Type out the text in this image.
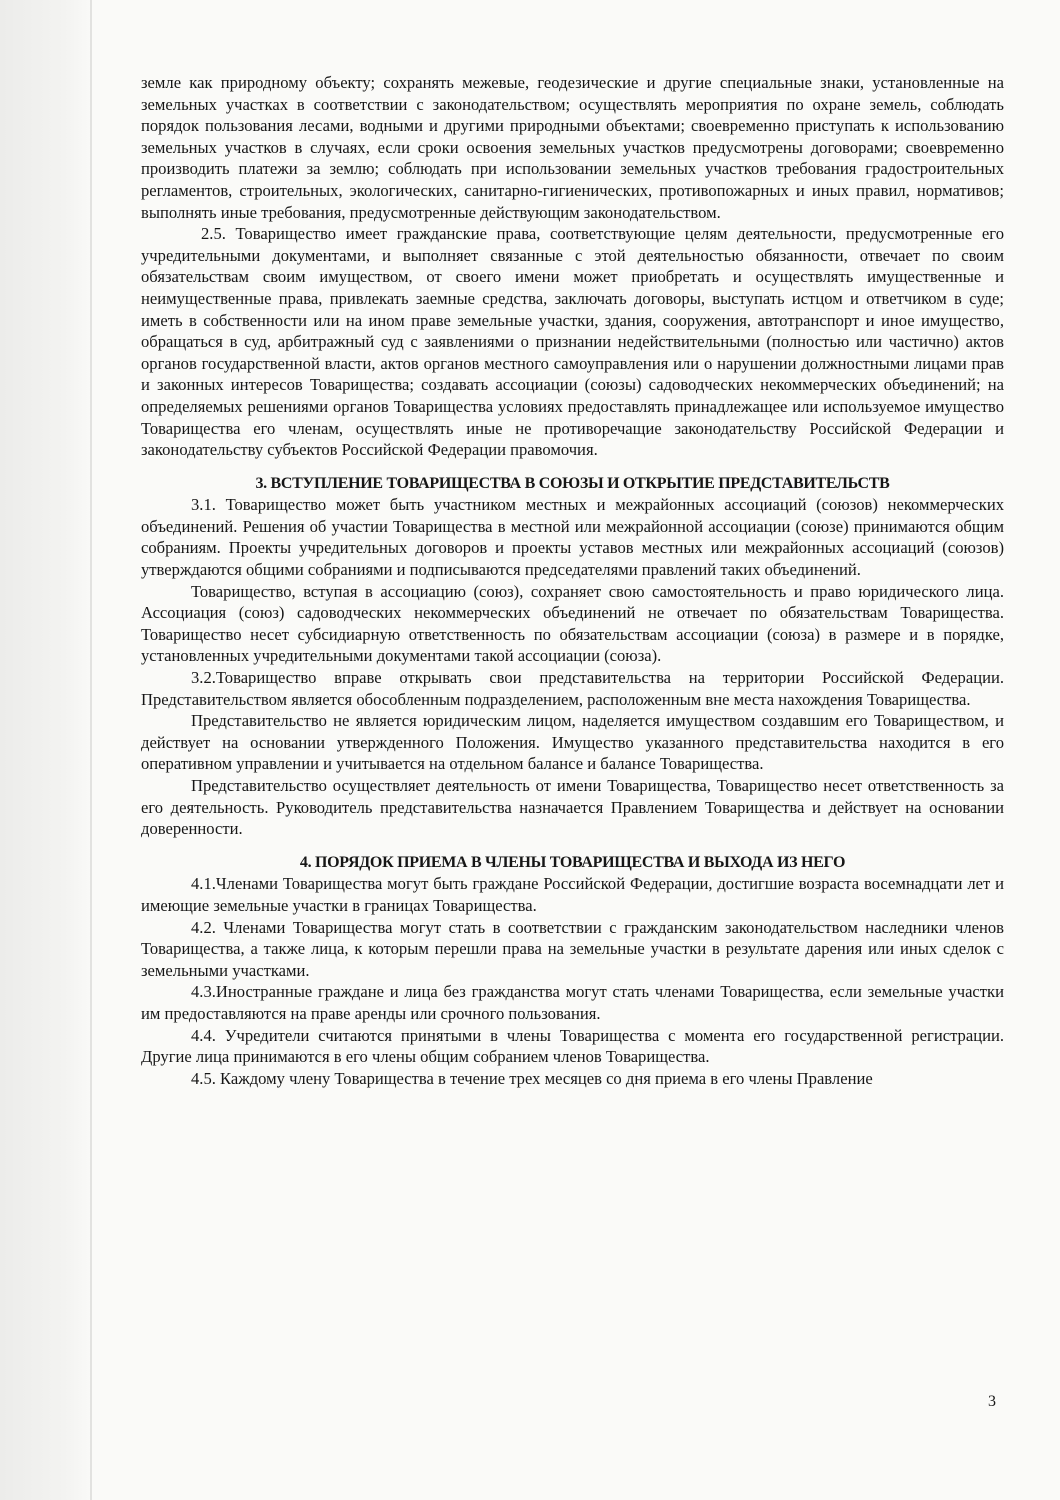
земле как природному объекту; сохранять межевые, геодезические и другие специальные знаки, установленные на земельных участках в соответствии с законодательством; осуществлять мероприятия по охране земель, соблюдать порядок пользования лесами, водными и другими природными объектами; своевременно приступать к использованию земельных участков в случаях, если сроки освоения земельных участков предусмотрены договорами; своевременно производить платежи за землю; соблюдать при использовании земельных участков требования градостроительных регламентов, строительных, экологических, санитарно-гигиенических, противопожарных и иных правил, нормативов; выполнять иные требования, предусмотренные действующим законодательством.

2.5. Товарищество имеет гражданские права, соответствующие целям деятельности, предусмотренные его учредительными документами, и выполняет связанные с этой деятельностью обязанности, отвечает по своим обязательствам своим имуществом, от своего имени может приобретать и осуществлять имущественные и неимущественные права, привлекать заемные средства, заключать договоры, выступать истцом и ответчиком в суде; иметь в собственности или на ином праве земельные участки, здания, сооружения, автотранспорт и иное имущество, обращаться в суд, арбитражный суд с заявлениями о признании недействительными (полностью или частично) актов органов государственной власти, актов органов местного самоуправления или о нарушении должностными лицами прав и законных интересов Товарищества; создавать ассоциации (союзы) садоводческих некоммерческих объединений; на определяемых решениями органов Товарищества условиях предоставлять принадлежащее или используемое имущество Товарищества его членам, осуществлять иные не противоречащие законодательству Российской Федерации и законодательству субъектов Российской Федерации правомочия.

3. ВСТУПЛЕНИЕ ТОВАРИЩЕСТВА В СОЮЗЫ И ОТКРЫТИЕ ПРЕДСТАВИТЕЛЬСТВ

3.1. Товарищество может быть участником местных и межрайонных ассоциаций (союзов) некоммерческих объединений. Решения об участии Товарищества в местной или межрайонной ассоциации (союзе) принимаются общим собраниям. Проекты учредительных договоров и проекты уставов местных или межрайонных ассоциаций (союзов) утверждаются общими собраниями и подписываются председателями правлений таких объединений.

Товарищество, вступая в ассоциацию (союз), сохраняет свою самостоятельность и право юридического лица. Ассоциация (союз) садоводческих некоммерческих объединений не отвечает по обязательствам Товарищества. Товарищество несет субсидиарную ответственность по обязательствам ассоциации (союза) в размере и в порядке, установленных учредительными документами такой ассоциации (союза).

3.2.Товарищество вправе открывать свои представительства на территории Российской Федерации. Представительством является обособленным подразделением, расположенным вне места нахождения Товарищества.

Представительство не является юридическим лицом, наделяется имуществом создавшим его Товариществом, и действует на основании утвержденного Положения. Имущество указанного представительства находится в его оперативном управлении и учитывается на отдельном балансе и балансе Товарищества.

Представительство осуществляет деятельность от имени Товарищества, Товарищество несет ответственность за его деятельность. Руководитель представительства назначается Правлением Товарищества и действует на основании доверенности.

4. ПОРЯДОК ПРИЕМА В ЧЛЕНЫ ТОВАРИЩЕСТВА И ВЫХОДА ИЗ НЕГО

4.1.Членами Товарищества могут быть граждане Российской Федерации, достигшие возраста восемнадцати лет и имеющие земельные участки в границах Товарищества.

4.2. Членами Товарищества могут стать в соответствии с гражданским законодательством наследники членов Товарищества, а также лица, к которым перешли права на земельные участки в результате дарения или иных сделок с земельными участками.

4.3.Иностранные граждане и лица без гражданства могут стать членами Товарищества, если земельные участки им предоставляются на праве аренды или срочного пользования.

4.4. Учредители считаются принятыми в члены Товарищества с момента его государственной регистрации. Другие лица принимаются в его члены общим собранием членов Товарищества.

4.5. Каждому члену Товарищества в течение трех месяцев со дня приема в его члены Правление

3
